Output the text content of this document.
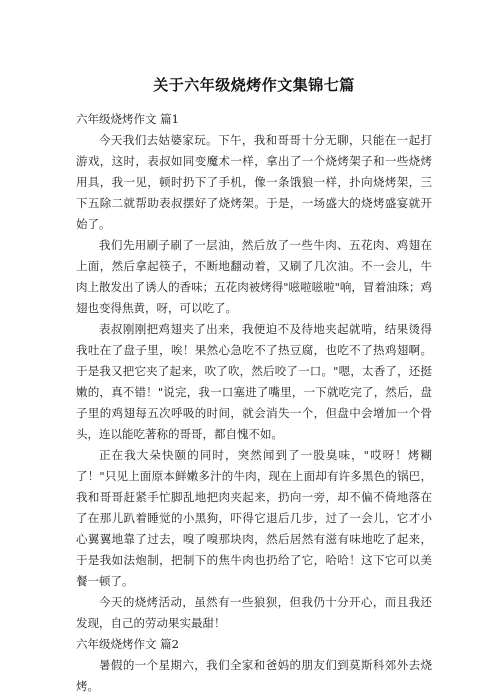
关于六年级烧烤作文集锦七篇

六年级烧烤作文 篇1

今天我们去姑婆家玩。下午，我和哥哥十分无聊，只能在一起打游戏，这时，表叔如同变魔术一样，拿出了一个烧烤架子和一些烧烤用具，我一见，顿时扔下了手机，像一条饿狼一样，扑向烧烤架，三下五除二就帮助表叔摆好了烧烤架。于是，一场盛大的烧烤盛宴就开始了。

我们先用刷子刷了一层油，然后放了一些牛肉、五花肉、鸡翅在上面，然后拿起筷子，不断地翻动着，又刷了几次油。不一会儿，牛肉上散发出了诱人的香味；五花肉被烤得"嗞啦嗞啦"响，冒着油珠；鸡翅也变得焦黄，呀，可以吃了。

表叔刚刚把鸡翅夹了出来，我便迫不及待地夹起就啃，结果烫得我吐在了盘子里，唉！果然心急吃不了热豆腐，也吃不了热鸡翅啊。于是我又把它夹了起来，吹了吹，然后咬了一口。"嗯，太香了，还挺嫩的，真不错！"说完，我一口塞进了嘴里，一下就吃完了，然后，盘子里的鸡翅每五次呼吸的时间，就会消失一个，但盘中会增加一个骨头，连以能吃著称的哥哥，都自愧不如。

正在我大朵快颐的同时，突然闻到了一股臭味，"哎呀！烤糊了！"只见上面原本鲜嫩多汁的牛肉，现在上面却有许多黑色的锅巴，我和哥哥赶紧手忙脚乱地把肉夹起来，扔向一旁，却不偏不倚地落在了在那儿趴着睡觉的小黑狗，吓得它退后几步，过了一会儿，它才小心翼翼地靠了过去，嗅了嗅那块肉，然后居然有滋有味地吃了起来，于是我如法炮制，把制下的焦牛肉也扔给了它，哈哈！这下它可以美餐一顿了。

今天的烧烤活动，虽然有一些狼狈，但我仍十分开心，而且我还发现，自己的劳动果实最甜！

六年级烧烤作文 篇2

暑假的一个星期六，我们全家和爸妈的朋友们到莫斯科郊外去烧烤。
